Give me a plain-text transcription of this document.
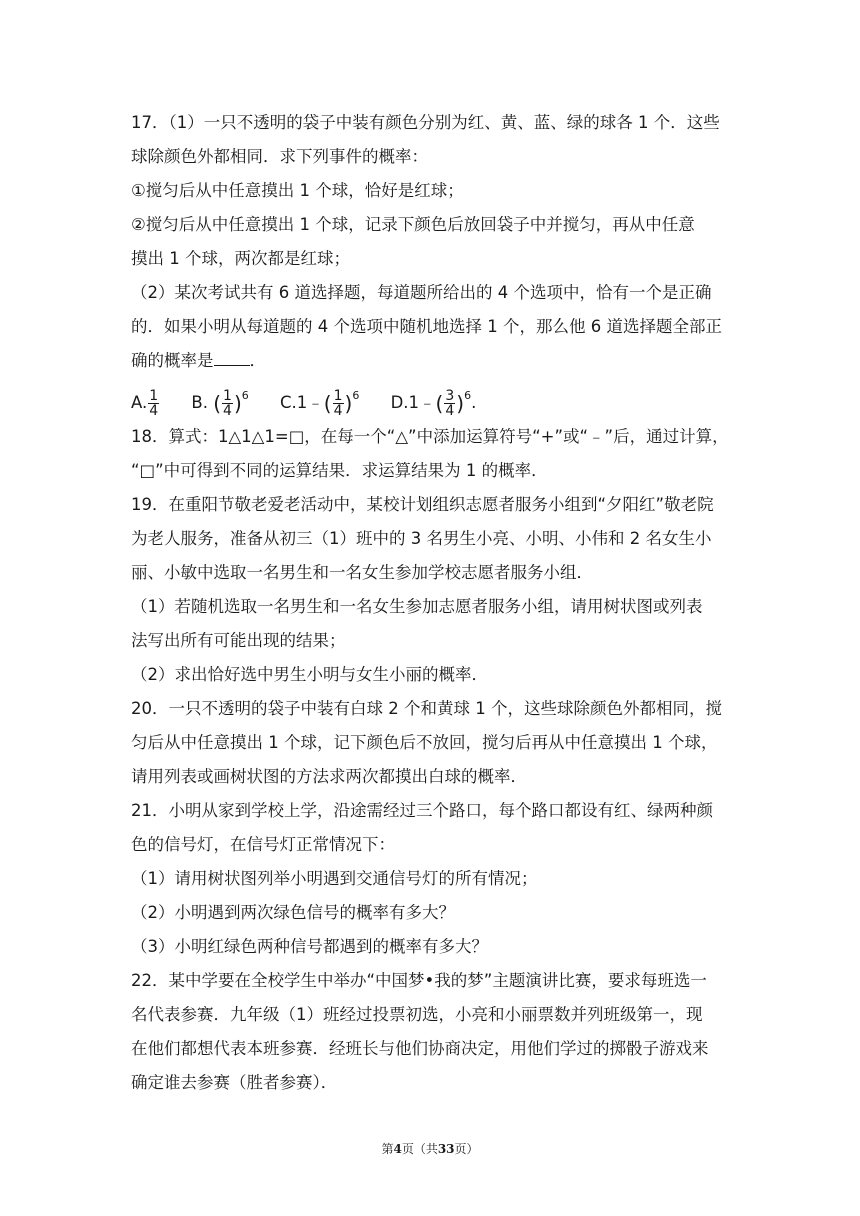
17．（1）一只不透明的袋子中装有颜色分别为红、黄、蓝、绿的球各 1 个．这些
球除颜色外都相同．求下列事件的概率：
①搅匀后从中任意摸出 1 个球，恰好是红球；
②搅匀后从中任意摸出 1 个球，记录下颜色后放回袋子中并搅匀，再从中任意
摸出 1 个球，两次都是红球；
（2）某次考试共有 6 道选择题，每道题所给出的 4 个选项中，恰有一个是正确
的．如果小明从每道题的 4 个选项中随机地选择 1 个，那么他 6 道选择题全部正
确的概率是 ．
A. $\frac{1}{4} B$. ( $\frac{1}{4} )^6$ C.1﹣( $\frac{1}{4} )^6$ D.1﹣( $\frac{3}{4} )^6$.
18．算式：1△1△1=□，在每一个“△”中添加运算符号“+”或“﹣”后，通过计算，
“□”中可得到不同的运算结果．求运算结果为 1 的概率．
19．在重阳节敬老爱老活动中，某校计划组织志愿者服务小组到“夕阳红”敬老院
为老人服务，准备从初三（1）班中的 3 名男生小亮、小明、小伟和 2 名女生小
丽、小敏中选取一名男生和一名女生参加学校志愿者服务小组．
（1）若随机选取一名男生和一名女生参加志愿者服务小组，请用树状图或列表
法写出所有可能出现的结果；
（2）求出恰好选中男生小明与女生小丽的概率．
20．一只不透明的袋子中装有白球 2 个和黄球 1 个，这些球除颜色外都相同，搅
匀后从中任意摸出 1 个球，记下颜色后不放回，搅匀后再从中任意摸出 1 个球，
请用列表或画树状图的方法求两次都摸出白球的概率．
21．小明从家到学校上学，沿途需经过三个路口，每个路口都设有红、绿两种颜
色的信号灯，在信号灯正常情况下：
（1）请用树状图列举小明遇到交通信号灯的所有情况；
（2）小明遇到两次绿色信号的概率有多大？
（3）小明红绿色两种信号都遇到的概率有多大？
22．某中学要在全校学生中举办“中国梦•我的梦”主题演讲比赛，要求每班选一
名代表参赛．九年级（1）班经过投票初选，小亮和小丽票数并列班级第一，现
在他们都想代表本班参赛．经班长与他们协商决定，用他们学过的掷骰子游戏来
确定谁去参赛（胜者参赛）．
第4页（共33页）
